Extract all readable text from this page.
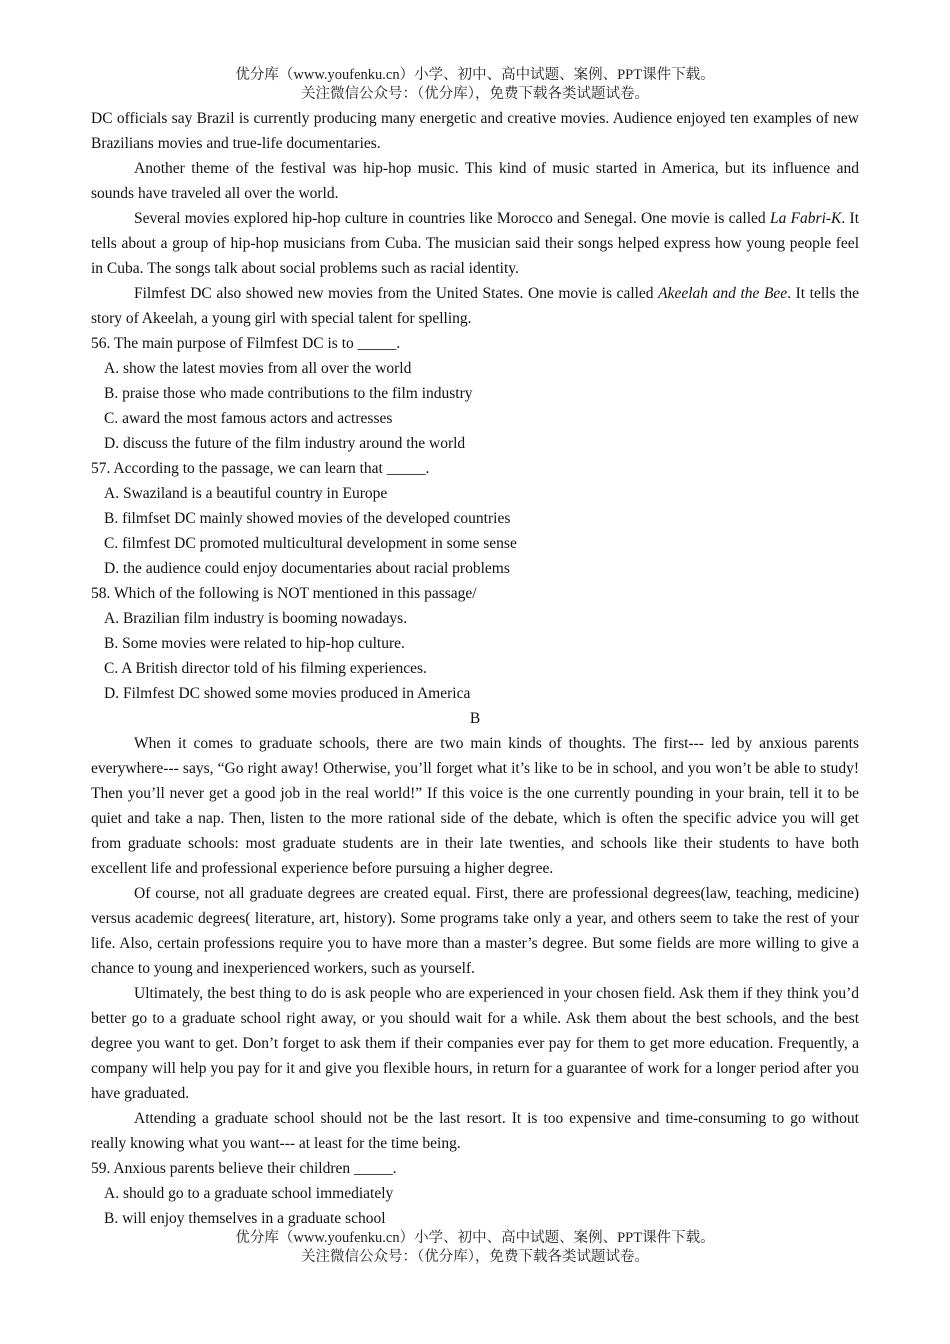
优分库（www.youfenku.cn）小学、初中、高中试题、案例、PPT课件下载。
关注微信公众号：（优分库），免费下载各类试题试卷。

DC officials say Brazil is currently producing many energetic and creative movies. Audience enjoyed ten examples of new Brazilians movies and true-life documentaries.

Another theme of the festival was hip-hop music. This kind of music started in America, but its influence and sounds have traveled all over the world.

Several movies explored hip-hop culture in countries like Morocco and Senegal. One movie is called La Fabri-K. It tells about a group of hip-hop musicians from Cuba. The musician said their songs helped express how young people feel in Cuba. The songs talk about social problems such as racial identity.

Filmfest DC also showed new movies from the United States. One movie is called Akeelah and the Bee. It tells the story of Akeelah, a young girl with special talent for spelling.

56. The main purpose of Filmfest DC is to _____.

A. show the latest movies from all over the world

B. praise those who made contributions to the film industry

C. award the most famous actors and actresses

D. discuss the future of the film industry around the world

57. According to the passage, we can learn that _____.

A. Swaziland is a beautiful country in Europe

B. filmfset DC mainly showed movies of the developed countries

C. filmfest DC promoted multicultural development in some sense

D. the audience could enjoy documentaries about racial problems

58. Which of the following is NOT mentioned in this passage/

A. Brazilian film industry is booming nowadays.

B. Some movies were related to hip-hop culture.

C. A British director told of his filming experiences.

D. Filmfest DC showed some movies produced in America

B

When it comes to graduate schools, there are two main kinds of thoughts. The first--- led by anxious parents everywhere--- says, “Go right away! Otherwise, you’ll forget what it’s like to be in school, and you won’t be able to study! Then you’ll never get a good job in the real world!” If this voice is the one currently pounding in your brain, tell it to be quiet and take a nap. Then, listen to the more rational side of the debate, which is often the specific advice you will get from graduate schools: most graduate students are in their late twenties, and schools like their students to have both excellent life and professional experience before pursuing a higher degree.

Of course, not all graduate degrees are created equal. First, there are professional degrees(law, teaching, medicine) versus academic degrees( literature, art, history). Some programs take only a year, and others seem to take the rest of your life. Also, certain professions require you to have more than a master’s degree. But some fields are more willing to give a chance to young and inexperienced workers, such as yourself.

Ultimately, the best thing to do is ask people who are experienced in your chosen field. Ask them if they think you’d better go to a graduate school right away, or you should wait for a while. Ask them about the best schools, and the best degree you want to get. Don’t forget to ask them if their companies ever pay for them to get more education. Frequently, a company will help you pay for it and give you flexible hours, in return for a guarantee of work for a longer period after you have graduated.

Attending a graduate school should not be the last resort. It is too expensive and time-consuming to go without really knowing what you want--- at least for the time being.

59. Anxious parents believe their children _____.

A. should go to a graduate school immediately

B. will enjoy themselves in a graduate school

优分库（www.youfenku.cn）小学、初中、高中试题、案例、PPT课件下载。
关注微信公众号：（优分库），免费下载各类试题试卷。
